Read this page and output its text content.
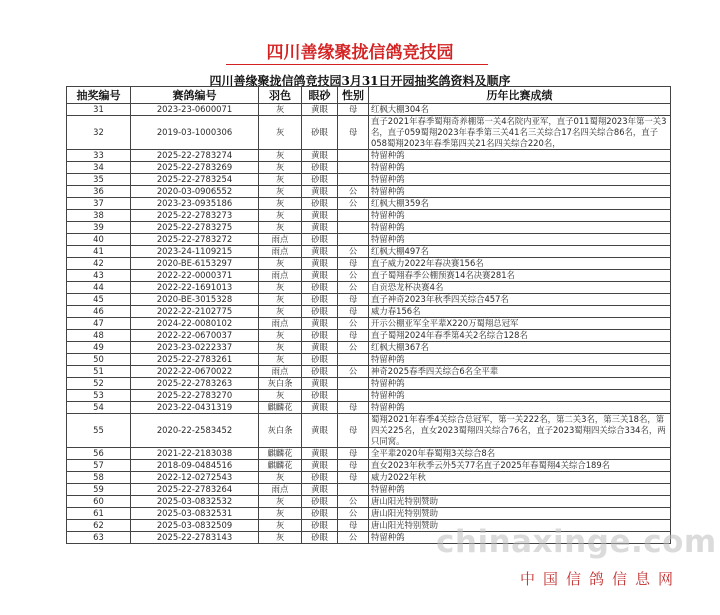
四川善缘聚拢信鸽竞技园
四川善缘聚拢信鸽竞技园3月31日开园抽奖鸽资料及顺序
抽奖编号	赛鸽编号	羽色	眼砂	性别	历年比赛成绩
31	2023-23-0600071	灰	黄眼	母	红枫大棚304名
32	2019-03-1000306	灰	砂眼	母	直子2021年春季蜀翔奇养棚第一关4名院内亚军，直子011蜀翔2023年第一关3名，直子059蜀翔2023年春季第三关41名三关综合17名四关综合86名，直子058蜀翔2023年春季第四关21名四关综合220名，
33	2025-22-2783274	灰	黄眼		特留种鸽
34	2025-22-2783269	灰	砂眼		特留种鸽
35	2025-22-2783254	灰	砂眼		特留种鸽
36	2020-03-0906552	灰	黄眼	公	特留种鸽
37	2023-23-0935186	灰	砂眼	公	红枫大棚359名
38	2025-22-2783273	灰	黄眼		特留种鸽
39	2025-22-2783275	灰	黄眼		特留种鸽
40	2025-22-2783272	雨点	砂眼		特留种鸽
41	2023-24-1109215	雨点	黄眼	公	红枫大棚497名
42	2020-BE-6153297	灰	黄眼	母	直子威力2022年春决赛156名
43	2022-22-0000371	雨点	黄眼	公	直子蜀翔春季公棚预赛14名决赛281名
44	2022-22-1691013	灰	砂眼	公	自贡恐龙杯决赛4名
45	2020-BE-3015328	灰	砂眼	母	直子神奇2023年秋季四关综合457名
46	2022-22-2102775	灰	砂眼	母	威力春156名
47	2024-22-0080102	雨点	黄眼	公	开示公棚亚军全平辈X220万蜀翔总冠军
48	2022-22-0670037	灰	砂眼	母	直子蜀翔2024年春季第4关2名综合128名
49	2023-23-0222337	灰	黄眼	公	红枫大棚367名
50	2025-22-2783261	灰	砂眼		特留种鸽
51	2022-22-0670022	雨点	砂眼	公	神奇2025春季四关综合6名全平辈
52	2025-22-2783263	灰白条	黄眼		特留种鸽
53	2025-22-2783270	灰	砂眼		特留种鸽
54	2023-22-0431319	麒麟花	黄眼	母	特留种鸽
55	2020-22-2583452	灰白条	黄眼	母	蜀翔2021年春季4关综合总冠军，第一关222名，第二关3名，第三关18名，第四关225名，直女2023蜀翔四关综合76名，直子2023蜀翔四关综合334名，两只同窝。
56	2021-22-2183038	麒麟花	黄眼	母	全平辈2020年春蜀翔3关综合8名
57	2018-09-0484516	麒麟花	黄眼	母	直女2023年秋季云外5关77名直子2025年春蜀翔4关综合189名
58	2022-12-0272543	灰	砂眼	母	威力2022年秋
59	2025-22-2783264	雨点	黄眼		特留种鸽
60	2025-03-0832532	灰	砂眼	公	唐山阳光特别赞助
61	2025-03-0832531	灰	砂眼	公	唐山阳光特别赞助
62	2025-03-0832509	灰	砂眼	母	唐山阳光特别赞助
63	2025-22-2783143	灰	砂眼	公	特留种鸽 chinaxinge.com
中国信鸽信息网
